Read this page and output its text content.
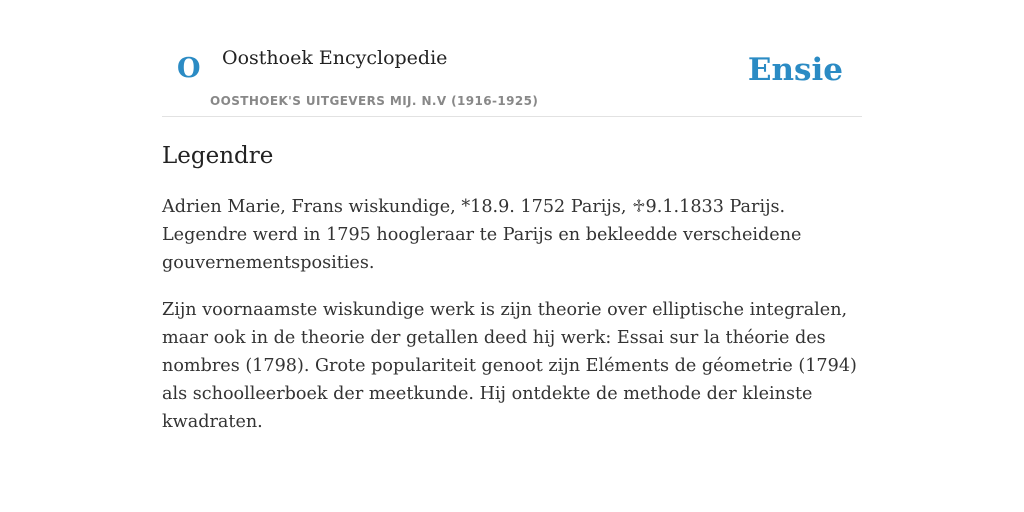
O Oosthoek Encyclopedie
OOSTHOEK'S UITGEVERS MIJ. N.V (1916-1925)
Ensie
Legendre

Adrien Marie, Frans wiskundige, *18.9. 1752 Parijs, ♱9.1.1833 Parijs. Legendre werd in 1795 hoogleraar te Parijs en bekleedde verscheidene gouvernementsposities.

Zijn voornaamste wiskundige werk is zijn theorie over elliptische integralen, maar ook in de theorie der getallen deed hij werk: Essai sur la théorie des nombres (1798). Grote populariteit genoot zijn Eléments de géometrie (1794) als schoolleerboek der meetkunde. Hij ontdekte de methode der kleinste kwadraten.
